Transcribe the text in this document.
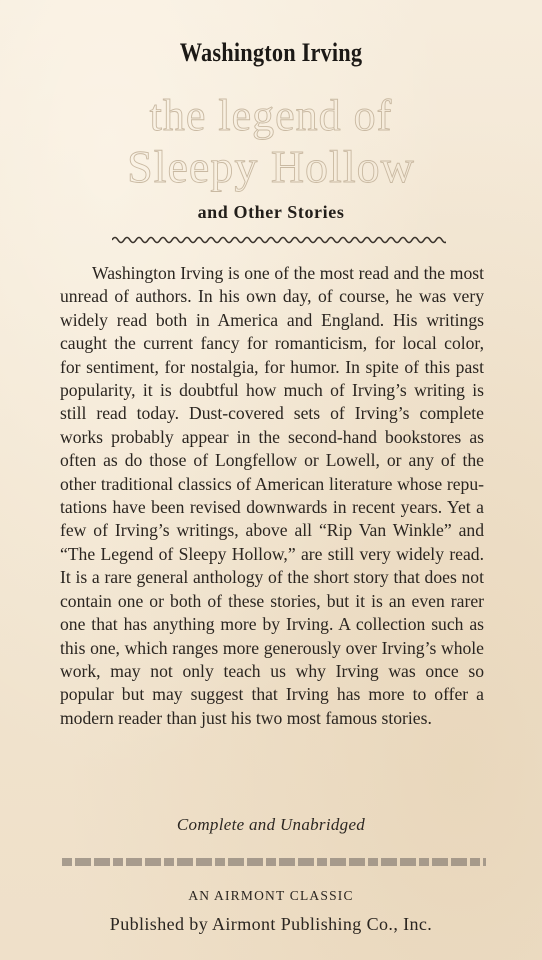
Washington Irving
the legend of
Sleepy Hollow
and Other Stories
Washington Irving is one of the most read and the most unread of authors. In his own day, of course, he was very widely read both in America and England. His writings caught the current fancy for romanticism, for local color, for sentiment, for nostalgia, for humor. In spite of this past popularity, it is doubtful how much of Irving’s writing is still read today. Dust-covered sets of Irving’s complete works probably appear in the second-hand bookstores as often as do those of Longfellow or Lowell, or any of the other traditional classics of American literature whose reputations have been revised downwards in recent years. Yet a few of Irving’s writings, above all “Rip Van Winkle” and “The Legend of Sleepy Hollow,” are still very widely read. It is a rare general anthology of the short story that does not contain one or both of these stories, but it is an even rarer one that has anything more by Irving. A collection such as this one, which ranges more generously over Irving’s whole work, may not only teach us why Irving was once so popular but may suggest that Irving has more to offer a modern reader than just his two most famous stories.
Complete and Unabridged
AN AIRMONT CLASSIC
Published by Airmont Publishing Co., Inc.
